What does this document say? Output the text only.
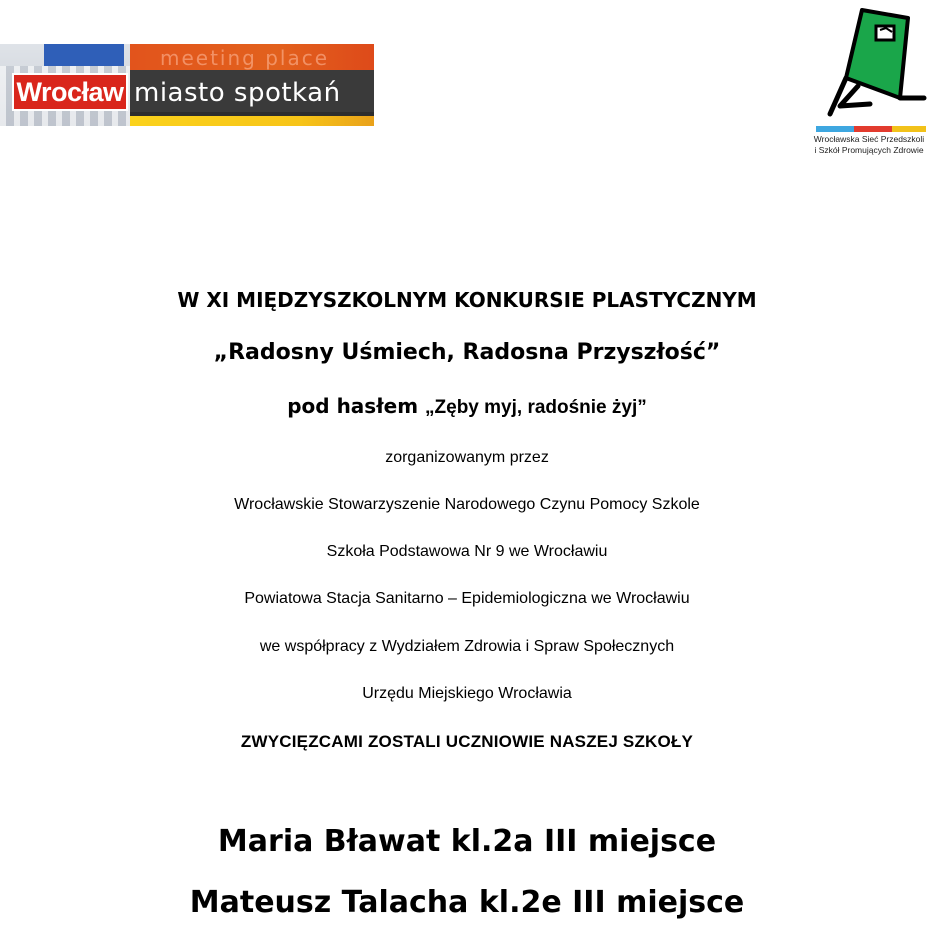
Wrocław
meeting place
miasto spotkań
Wrocławska Sieć Przedszkoli
i Szkół Promujących Zdrowie
W XI MIĘDZYSZKOLNYM KONKURSIE PLASTYCZNYM
„Radosny Uśmiech, Radosna Przyszłość”
pod hasłem „Zęby myj, radośnie żyj”
zorganizowanym przez
Wrocławskie Stowarzyszenie Narodowego Czynu Pomocy Szkole
Szkoła Podstawowa Nr 9 we Wrocławiu
Powiatowa Stacja Sanitarno – Epidemiologiczna we Wrocławiu
we współpracy z Wydziałem Zdrowia i Spraw Społecznych
Urzędu Miejskiego Wrocławia
ZWYCIĘZCAMI ZOSTALI UCZNIOWIE NASZEJ SZKOŁY
Maria Bławat kl.2a III miejsce
Mateusz Talacha kl.2e III miejsce
